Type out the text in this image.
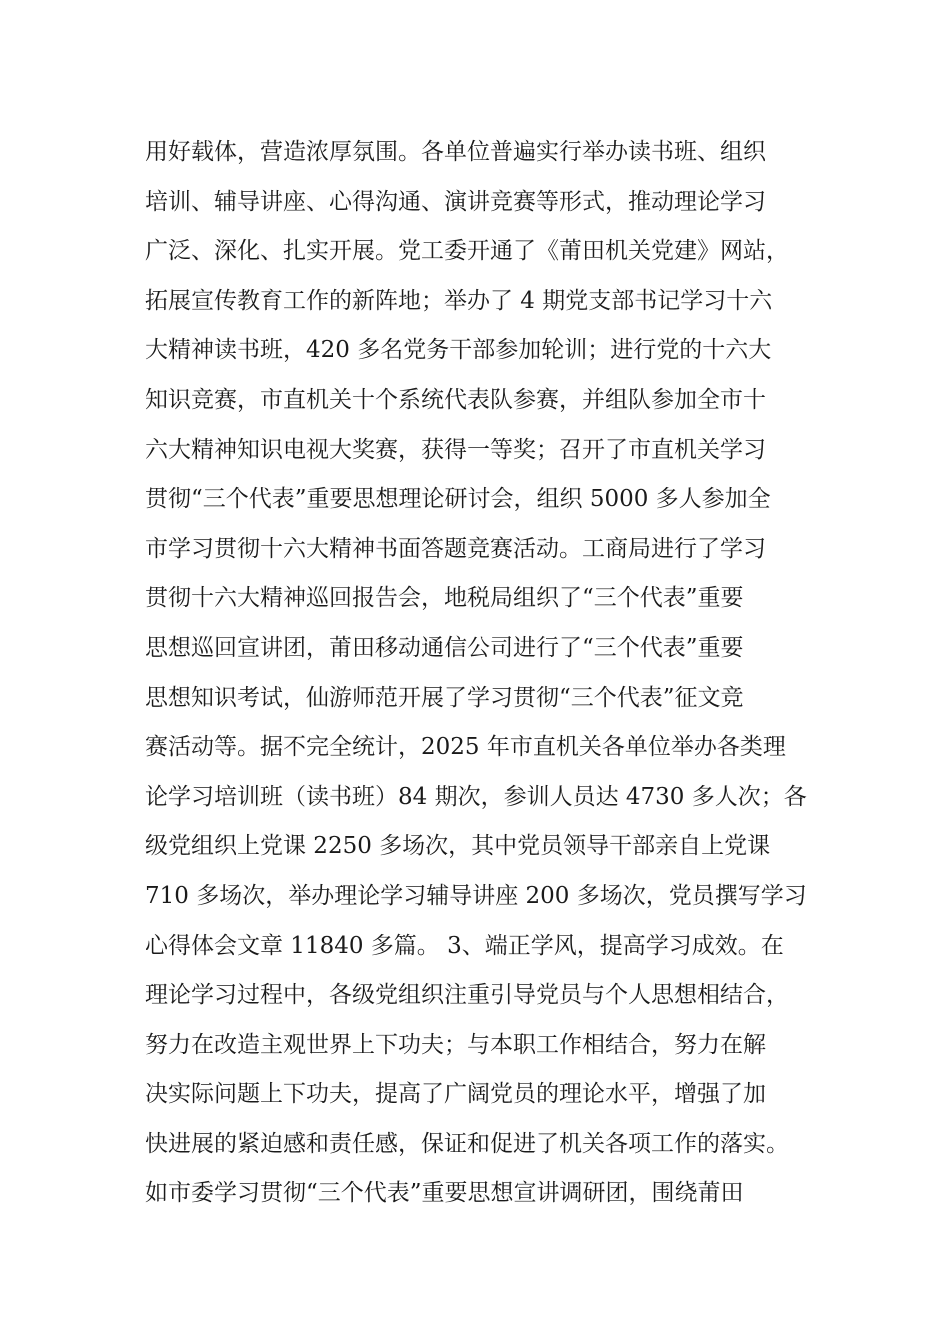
用好载体，营造浓厚氛围。各单位普遍实行举办读书班、组织
培训、辅导讲座、心得沟通、演讲竞赛等形式，推动理论学习
广泛、深化、扎实开展。党工委开通了《莆田机关党建》网站，
拓展宣传教育工作的新阵地；举办了 4 期党支部书记学习十六
大精神读书班，420 多名党务干部参加轮训；进行党的十六大
知识竞赛，市直机关十个系统代表队参赛，并组队参加全市十
六大精神知识电视大奖赛，获得一等奖；召开了市直机关学习
贯彻“三个代表”重要思想理论研讨会，组织 5000 多人参加全
市学习贯彻十六大精神书面答题竞赛活动。工商局进行了学习
贯彻十六大精神巡回报告会，地税局组织了“三个代表”重要
思想巡回宣讲团，莆田移动通信公司进行了“三个代表”重要
思想知识考试，仙游师范开展了学习贯彻“三个代表”征文竞
赛活动等。据不完全统计，2025 年市直机关各单位举办各类理
论学习培训班（读书班）84 期次，参训人员达 4730 多人次；各
级党组织上党课 2250 多场次，其中党员领导干部亲自上党课
710 多场次，举办理论学习辅导讲座 200 多场次，党员撰写学习
心得体会文章 11840 多篇。 3、端正学风，提高学习成效。在
理论学习过程中，各级党组织注重引导党员与个人思想相结合，
努力在改造主观世界上下功夫；与本职工作相结合，努力在解
决实际问题上下功夫，提高了广阔党员的理论水平，增强了加
快进展的紧迫感和责任感，保证和促进了机关各项工作的落实。
如市委学习贯彻“三个代表”重要思想宣讲调研团，围绕莆田
